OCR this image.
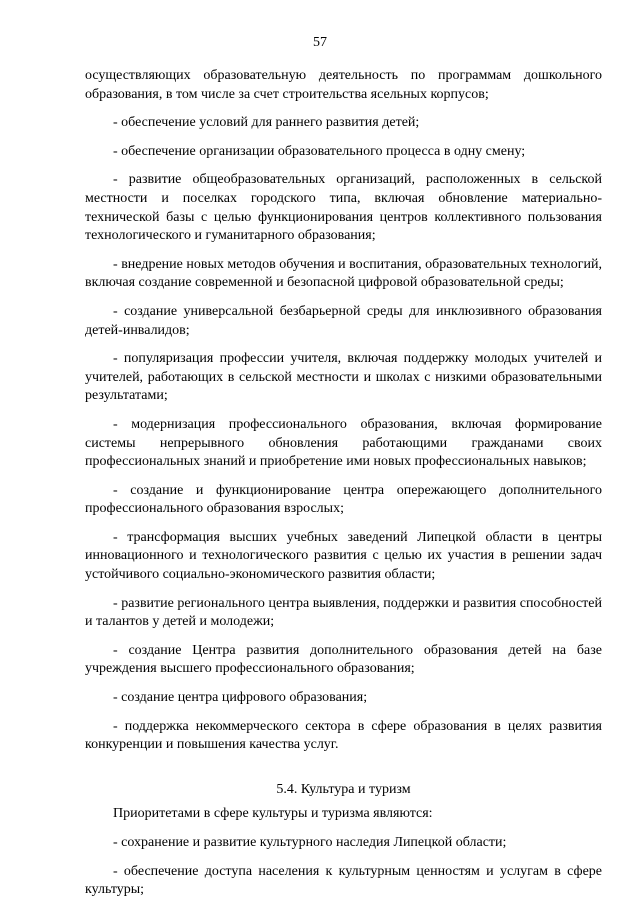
57

осуществляющих образовательную деятельность по программам дошкольного образования, в том числе за счет строительства ясельных корпусов;

- обеспечение условий для раннего развития детей;

- обеспечение организации образовательного процесса в одну смену;

- развитие общеобразовательных организаций, расположенных в сельской местности и поселках городского типа, включая обновление материально-технической базы с целью функционирования центров коллективного пользования технологического и гуманитарного образования;

- внедрение новых методов обучения и воспитания, образовательных технологий, включая создание современной и безопасной цифровой образовательной среды;

- создание универсальной безбарьерной среды для инклюзивного образования детей-инвалидов;

- популяризация профессии учителя, включая поддержку молодых учителей и учителей, работающих в сельской местности и школах с низкими образовательными результатами;

- модернизация профессионального образования, включая формирование системы непрерывного обновления работающими гражданами своих профессиональных знаний и приобретение ими новых профессиональных навыков;

- создание и функционирование центра опережающего дополнительного профессионального образования взрослых;

- трансформация высших учебных заведений Липецкой области в центры инновационного и технологического развития с целью их участия в решении задач устойчивого социально-экономического развития области;

- развитие регионального центра выявления, поддержки и развития способностей и талантов у детей и молодежи;

- создание Центра развития дополнительного образования детей на базе учреждения высшего профессионального образования;

- создание центра цифрового образования;

- поддержка некоммерческого сектора в сфере образования в целях развития конкуренции и повышения качества услуг.

5.4. Культура и туризм

Приоритетами в сфере культуры и туризма являются:

- сохранение и развитие культурного наследия Липецкой области;

- обеспечение доступа населения к культурным ценностям и услугам в сфере культуры;
